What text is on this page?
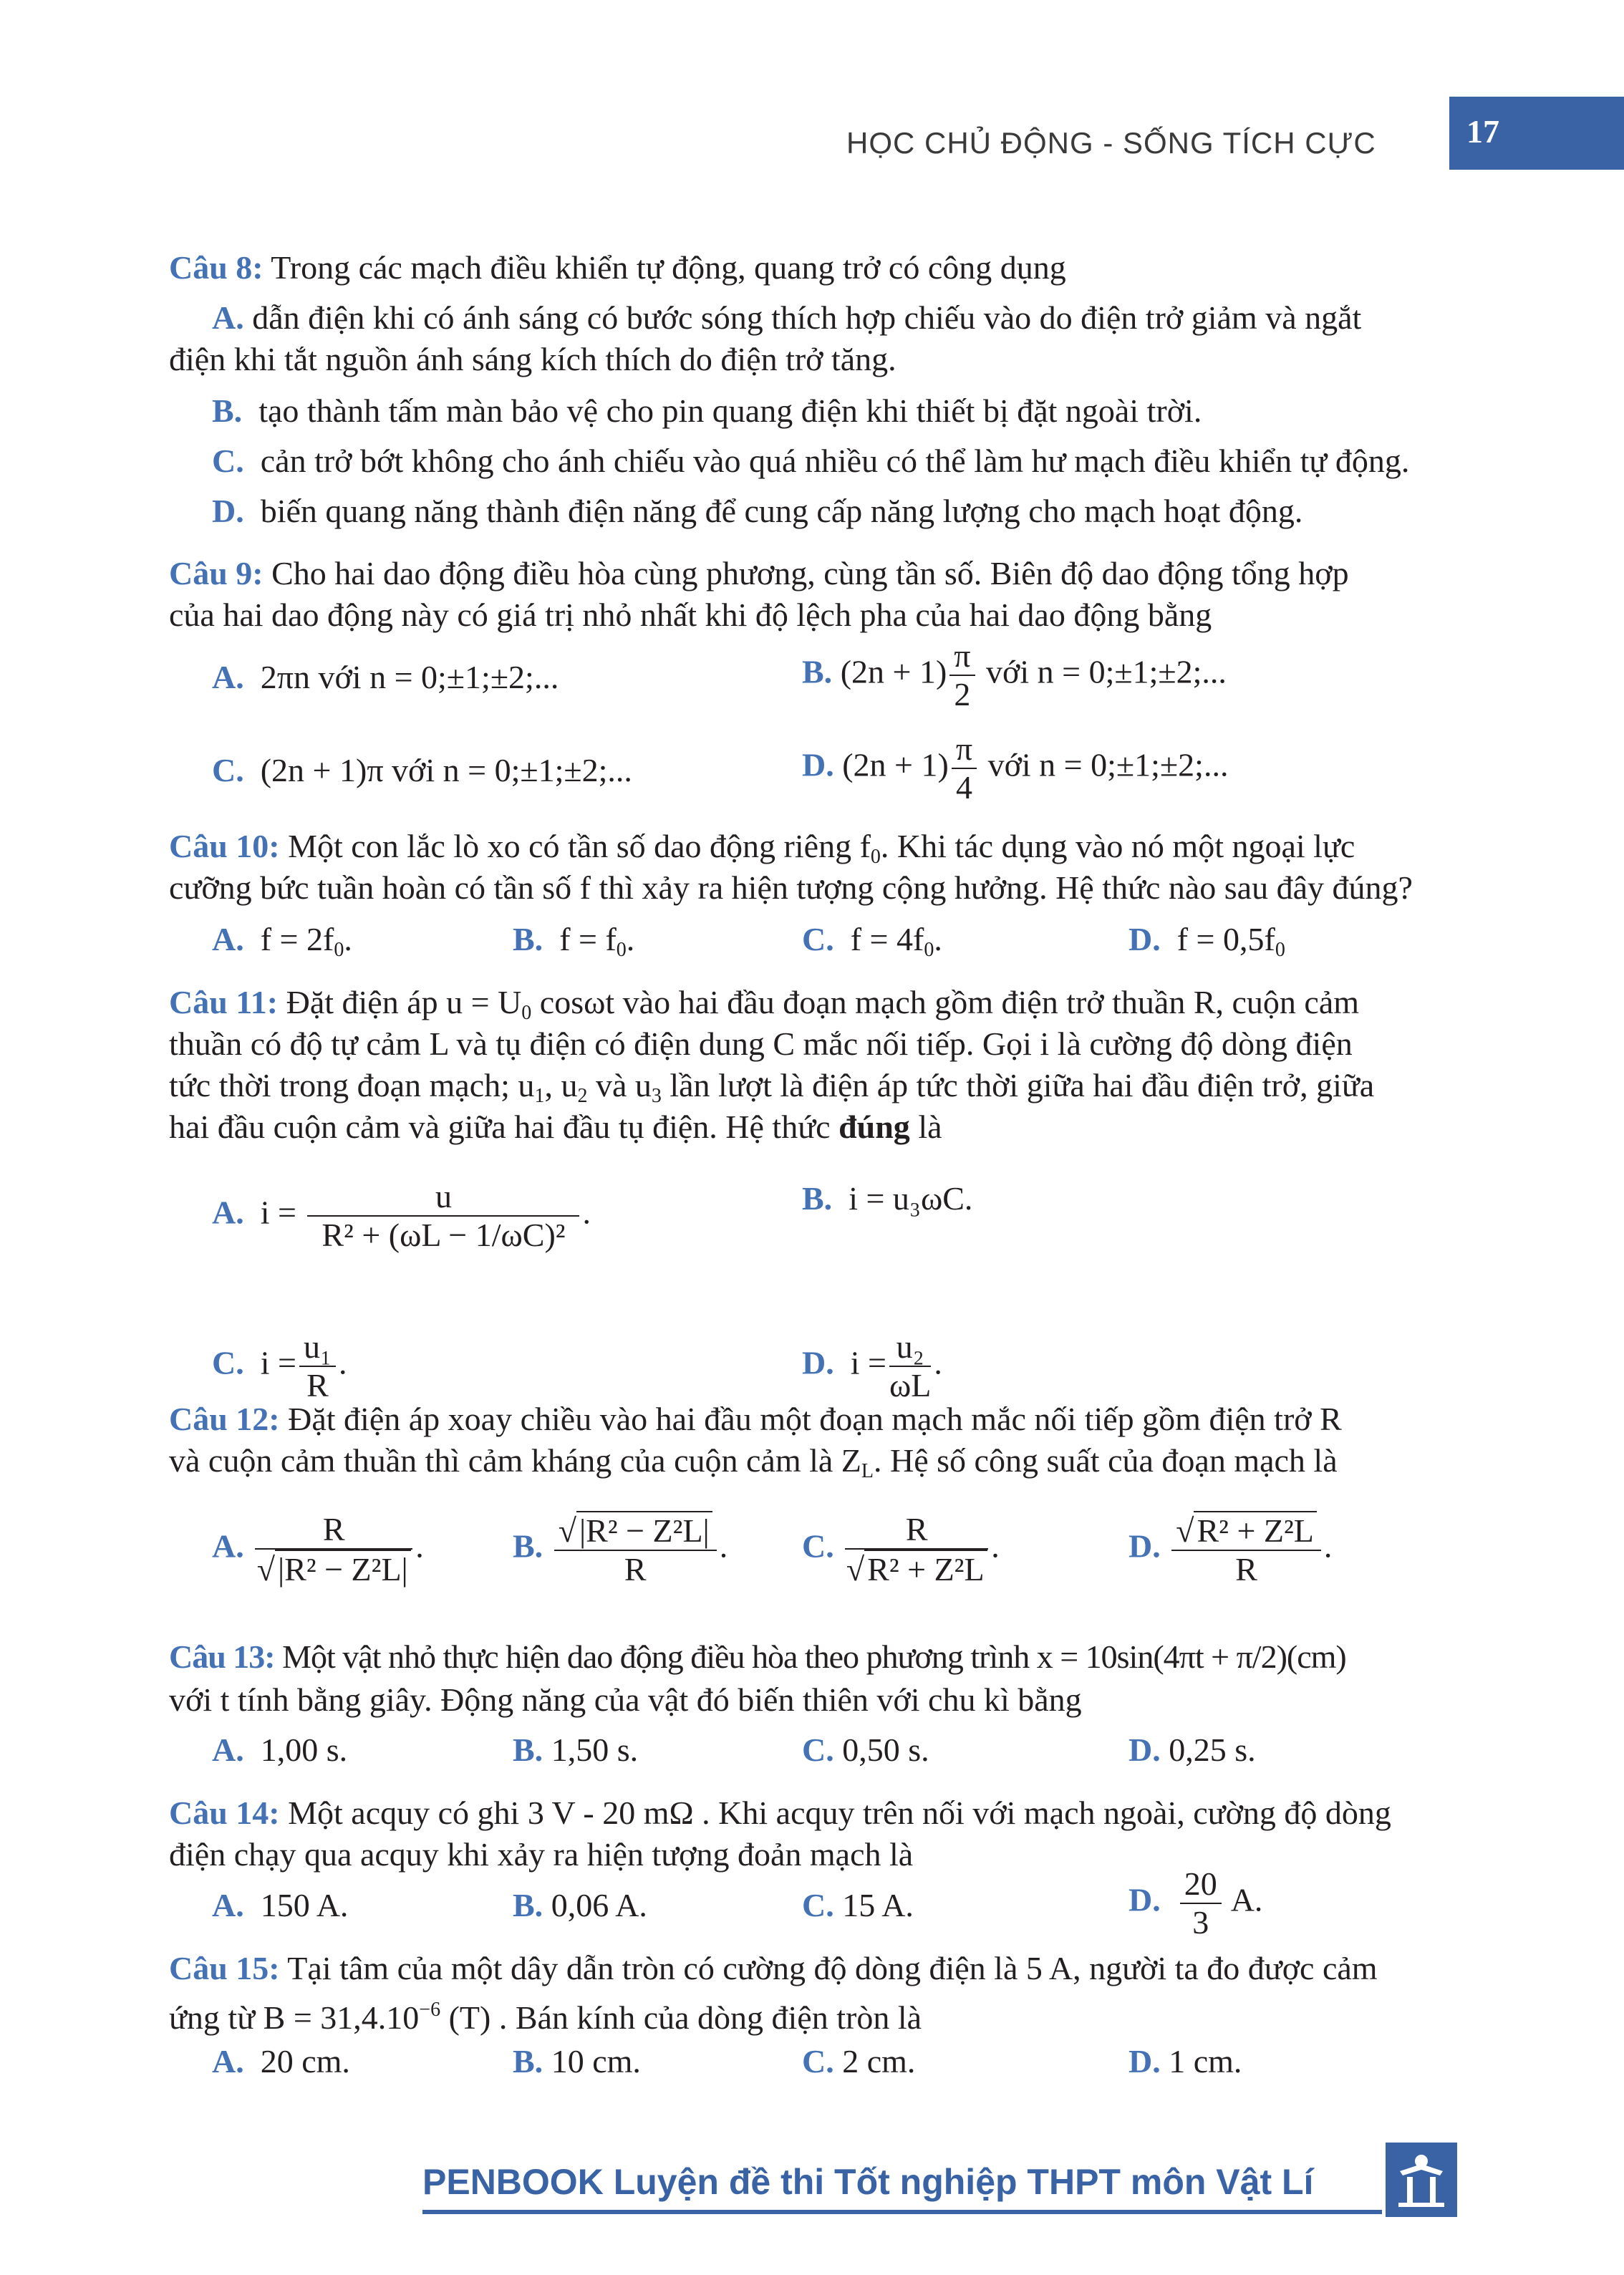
HỌC CHỦ ĐỘNG - SỐNG TÍCH CỰC	17
Câu 8: Trong các mạch điều khiển tự động, quang trở có công dụng
A. dẫn điện khi có ánh sáng có bước sóng thích hợp chiếu vào do điện trở giảm và ngắt
điện khi tắt nguồn ánh sáng kích thích do điện trở tăng.
B. tạo thành tấm màn bảo vệ cho pin quang điện khi thiết bị đặt ngoài trời.
C. cản trở bớt không cho ánh chiếu vào quá nhiều có thể làm hư mạch điều khiển tự động.
D. biến quang năng thành điện năng để cung cấp năng lượng cho mạch hoạt động.
Câu 9: Cho hai dao động điều hòa cùng phương, cùng tần số. Biên độ dao động tổng hợp
của hai dao động này có giá trị nhỏ nhất khi độ lệch pha của hai dao động bằng
A. 2πn với n = 0;±1;±2;...	B. $(2n + 1) \frac{\pi}{2}$ với n = 0;±1;±2;...
C. (2n + 1)π với n = 0;±1;±2;...	D. $(2n + 1) \frac{\pi}{4}$ với n = 0;±1;±2;...
Câu 10: Một con lắc lò xo có tần số dao động riêng $f_0$. Khi tác dụng vào nó một ngoại lực
cưỡng bức tuần hoàn có tần số f thì xảy ra hiện tượng cộng hưởng. Hệ thức nào sau đây đúng?
A. $f = 2f_0$.	B. $f = f_0$.	C. $f = 4f_0$.	D. $f = 0,5f_0$
Câu 11: Đặt điện áp $u = U_0$ cosωt vào hai đầu đoạn mạch gồm điện trở thuần R, cuộn cảm
thuần có độ tự cảm L và tụ điện có điện dung C mắc nối tiếp. Gọi i là cường độ dòng điện
tức thời trong đoạn mạch; $u_1$, $u_2$ và $u_3$ lần lượt là điện áp tức thời giữa hai đầu điện trở, giữa
hai đầu cuộn cảm và giữa hai đầu tụ điện. Hệ thức đúng là
A. $i = \frac{u}{\text{R² + (ωL − 1/ωC)²}}$ .	B. i = u₃ωC.
C. $i = \frac{\text{u₁}}{R}$ .	D. $i = \frac{\text{u₂}}{\omega L}$ .
Câu 12: Đặt điện áp xoay chiều vào hai đầu một đoạn mạch mắc nối tiếp gồm điện trở R
và cuộn cảm thuần thì cảm kháng của cuộn cảm là $Z_L$. Hệ số công suất của đoạn mạch là
A. $\frac{R}{\text{√|R² − Z²L|}}$ .	B. $\frac{\text{√|R² − Z²L|}}{R}$ . C. $\frac{R}{\text{√R² + Z²L}}$ .	D. $\frac{\text{√R² + Z²L}}{R}$ .
Câu 13: Một vật nhỏ thực hiện dao động điều hòa theo phương trình x = 10sin(4πt + π/2)(cm)
với t tính bằng giây. Động năng của vật đó biến thiên với chu kì bằng
A. 1,00 s.	B. 1,50 s.	C. 0,50 s.	D. 0,25 s.
Câu 14: Một acquy có ghi 3 V - 20 mΩ . Khi acquy trên nối với mạch ngoài, cường độ dòng
điện chạy qua acquy khi xảy ra hiện tượng đoản mạch là
A. 150 A.	B. 0,06 A.	C. 15 A.	D. $\frac{20}{3} A$.
Câu 15: Tại tâm của một dây dẫn tròn có cường độ dòng điện là 5 A, người ta đo được cảm
ứng từ $B = 31,4.10^{-6}$ (T) . Bán kính của dòng điện tròn là
A. 20 cm.	B. 10 cm.	C. 2 cm.	D. 1 cm.
PENBOOK Luyện đề thi Tốt nghiệp THPT môn Vật Lí
